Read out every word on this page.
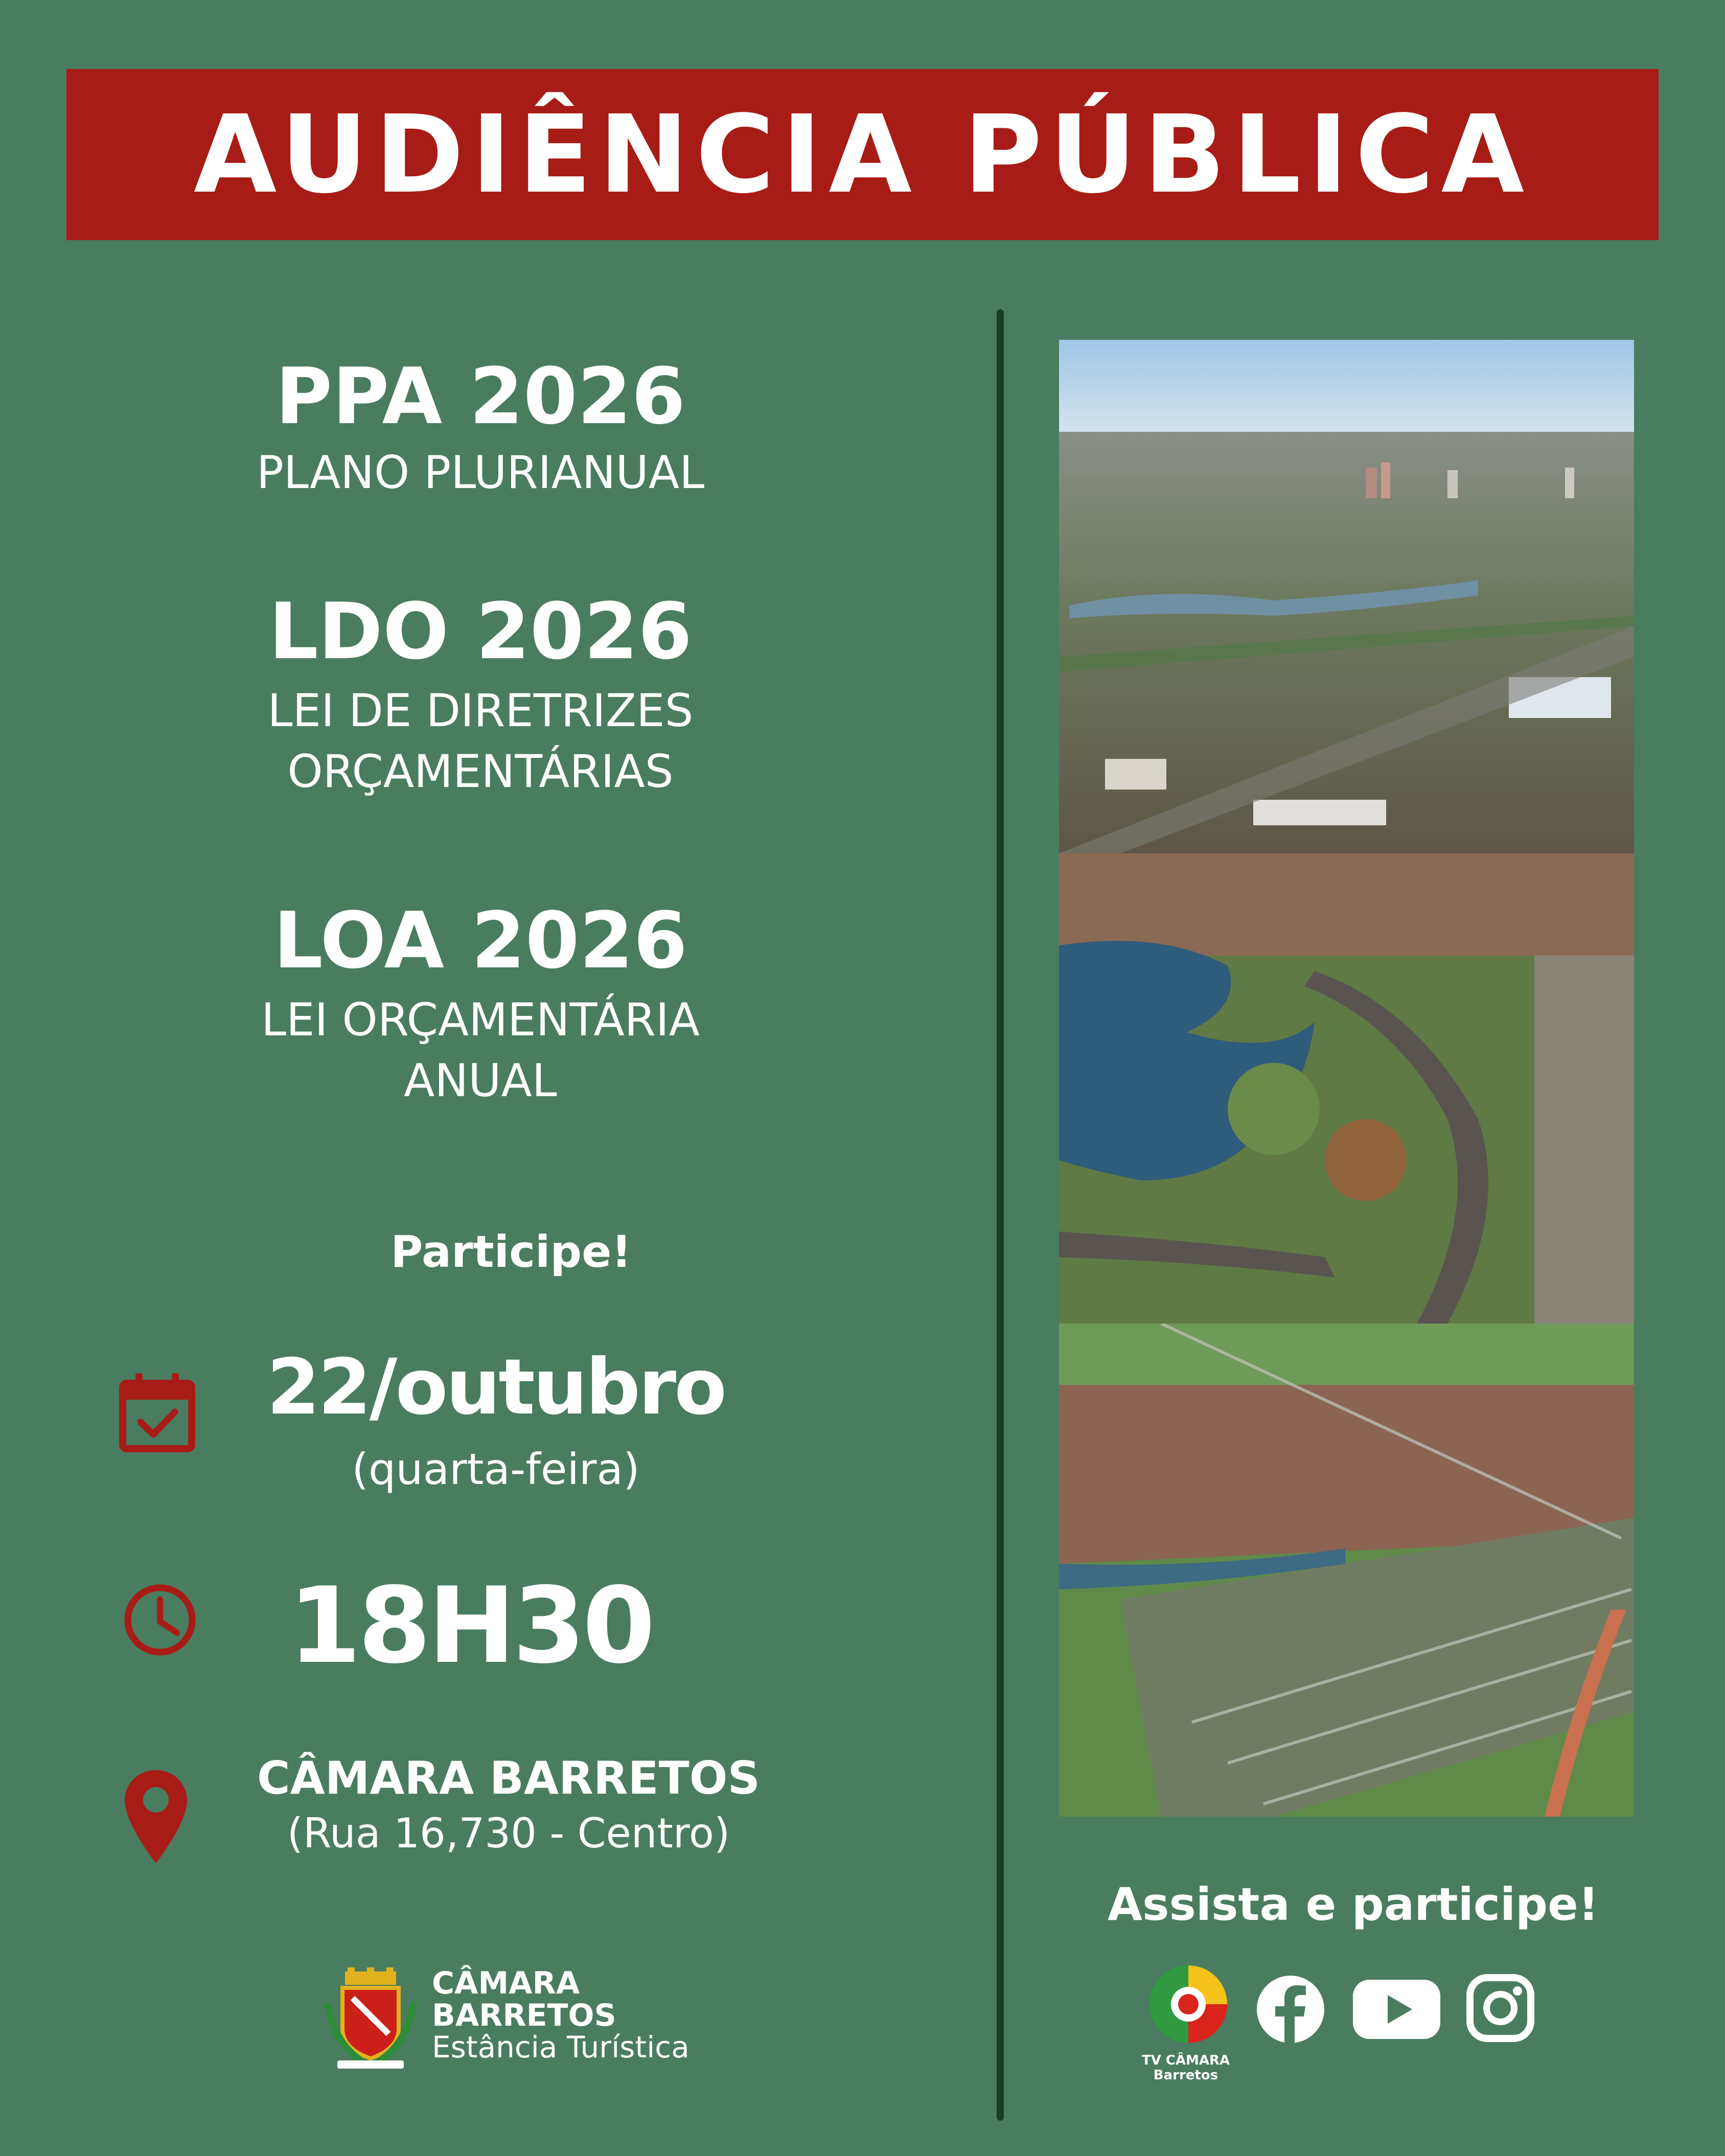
AUDIÊNCIA PÚBLICA
PPA 2026
PLANO PLURIANUAL
LDO 2026
LEI DE DIRETRIZES
ORÇAMENTÁRIAS
LOA 2026
LEI ORÇAMENTÁRIA
ANUAL
Participe!
22/outubro
(quarta-feira)
18H30
CÂMARA BARRETOS
(Rua 16,730 - Centro)
CÂMARA
BARRETOS
Estância Turística
Assista e participe!
TV CÂMARA
Barretos
